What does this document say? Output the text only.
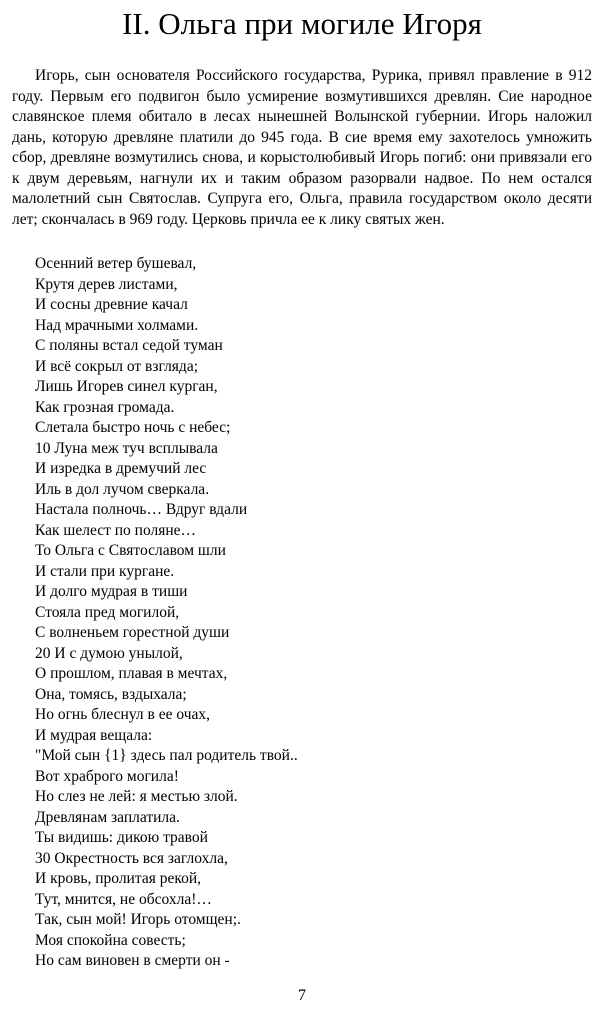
II. Ольга при могиле Игоря

Игорь, сын основателя Российского государства, Рурика, привял правление в 912 году. Первым его подвигон было усмирение возмутившихся древлян. Сие народное славянское племя обитало в лесах нынешней Волынской губернии. Игорь наложил дань, которую древляне платили до 945 года. В сие время ему захотелось умножить сбор, древляне возмутились снова, и корыстолюбивый Игорь погиб: они привязали его к двум деревьям, нагнули их и таким образом разорвали надвое. По нем остался малолетний сын Святослав. Супруга его, Ольга, правила государством около десяти лет; скончалась в 969 году. Церковь причла ее к лику святых жен.

Осенний ветер бушевал,
Крутя дерев листами,
И сосны древние качал
Над мрачными холмами.
С поляны встал седой туман
И всё сокрыл от взгляда;
Лишь Игорев синел курган,
Как грозная громада.
Слетала быстро ночь с небес;
10 Луна меж туч всплывала
И изредка в дремучий лес
Иль в дол лучом сверкала.
Настала полночь… Вдруг вдали
Как шелест по поляне…
То Ольга с Святославом шли
И стали при кургане.
И долго мудрая в тиши
Стояла пред могилой,
С волненьем горестной души
20 И с думою унылой,
О прошлом, плавая в мечтах,
Она, томясь, вздыхала;
Но огнь блеснул в ее очах,
И мудрая вещала:
"Мой сын {1} здесь пал родитель твой..
Вот храброго могила!
Но слез не лей: я местью злой.
Древлянам заплатила.
Ты видишь: дикою травой
30 Окрестность вся заглохла,
И кровь, пролитая рекой,
Тут, мнится, не обсохла!…
Так, сын мой! Игорь отомщен;.
Моя спокойна совесть;
Но сам виновен в смерти он -
7
